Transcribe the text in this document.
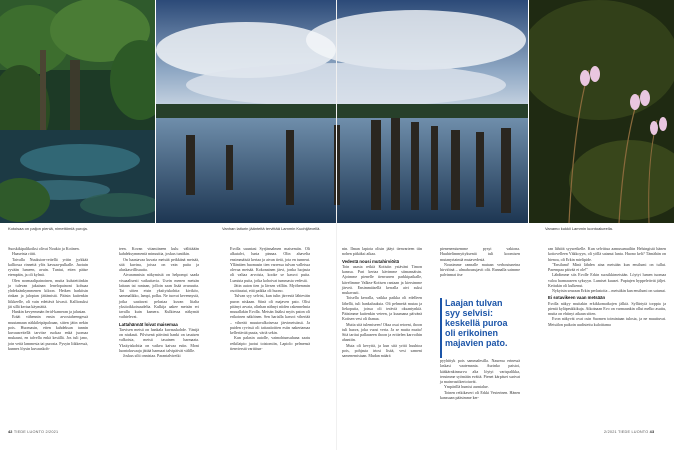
Kotoisaa on paljon pieniä, nimettömiä puroja.	Vanhan laiturin jäänteitä tervittää Lammin Kuohijärvellä.	Vanamo kukkii Lammin luontoalueella.

Suoskikipalikoiksi olivat Noukio ja Kotinen.

Haaseista riitti.

Taivalla Nuuksion-reitellä yritin jyrkkää kalliossa rinnettä ylös kavuaa-pulkalle. Juotuin ryvään lumeen, avuin. Tuntui, etten pääse etempäin, ja oli kylmä.

Olen normaalipainoinen, mutta kulutettiinkin ja tulevan jakainan lenelopainoni kohuaa yhdeksänkymmenen kiloon. Hetken harkitsin rinkan ja jalopian jättämistä. Pääsin kuitenkin liikkeelle, oli vain edettävä kivasti. Kalliosuksi jäi sillä kertaa käymättä.

Hankin kevyemmän ferid-kameran ja jalustan.

Eräät vähennin ensin arvostaheengessä muutamaan näkkileipäpaloaan, sitten jätin nekin pois. Huomasin, etten kahdeksan tunnin kuvausreitellä tarvitse ruokaa enkä juomaa mukaani, en talvella enkä kesällä. Jos tuli jano, join vettä lammesta tai purosta. Pysyin liikkeessä, kunnes löysin kuvauskoh-

teen. Kovan vitamiineen kulu välittäään kahdeksymmentä minuuttia, joskus tuntikin.

On haastavaa kuvata metsää peikkänä metsää, sitä kuvina, joissa on vain puita ja aluskasvillisuutta.

Aivaramnista näkymistä on helpompi saada visuaalisesti vaikuttavia. Usein menen metsän laitaan tai rantaan, jolloin saan lisää avaruutta. Tai sitten etsin yksityiskohtia: kiviköo, sammalikko, lampi, polku. Ne tuovat kevennystä, jotka saattavat pelastaa kuvan liialta yksitoikkoisuudelta. Kulkija aakee metsän eri tavalla kuin kamera. Kulkiessa näkymät vaihtelevat.

Lattahännät loivat maisemaa

Tarvisen metsä on hankala kuvauskohde. Vänijä on niukasti. Pilvisenä päivänä hanki on tasaisen valkoista, metsä tasainen harmaata. Yksityiskohtia on vaikea kaivaa esiin. Moni luontokuvaaja jättää harmaat talvipäivät välille.

Joskus silti onnistaa. Parantalviretki

Evolla suuntasi Syrjänsalmen maisemiin. Oli alkutalvi, lunta pinnaa. Olin ahavelta ensimmäistä kertaa ja aivan tietä, jota en tunneut. Ylläntäen huomasin tien varressa tulvan valleissa olevaa metsää. Kokonainen järvi, jonka luojasta oli valtaa arvoisia, kooke se kasvoi puita. Lumista puita, jotka kohoivat tummasta vedestä.

Jätin auton tien ja lävsen välliin. Myöhemmin osoittautui, että paikka oli huono.

Tulvan syy selvisi, kun tulin järvestä lähteväin puron niskaan. Siinä oli majaven pato. Olisi pitänyt arvata, olinhan nähnyt niiden rakennelmia muuallakin Evolla. Metsän lisäksi myös paton oli erikoinen näköinen. Sen harialla kasvoi viheriää – vihreää muutavalkoisessa järvimetsässä. Ja puiden ryvissä oli tattaatioitten esiin nakertamaa kellertävää puuta, väriä sekin.

Kun palasin autolle, vaimohtunsuhana saatu retkilaipio juotui toistomiin, Lapiolo pelmensä tienvierstä varttitun-

nin. Ilman lapiota olisin jääyt tienvarteen tiin nohen pitkäksi aikaa.

Vedestä nousi mutahirviöitä

Toin usasta retkiä Kotisiin ystäväni Timon kanssa. Pari kertaa kävimme siimansäistn. Ajoimme pienelle tienvarren parkkipaikalle, kävelimme Valkea-Kotisen rantaan ja kiersimme järveä. Ensimmäisellä kerralla aivi suksi mukavasti.

Toisella kerralla, vaikka paikka oli edelleen lähellä, tuli hankaluuksia. Oli pehmeää mutaa ja liekoputia, joissa oli teräviä oksantynkiä. Pääsimme kuitenkin veteen, ja kuumana päivänä Kotisen vesi oli ihanaa.

Mutta sitä tulemiseen! Oksa osui retoeni, ihoon tuli haava, joka vuosi verta. Ja se mutta mutta! Sitä tarttui pallaaseen ihoon ja erittelen karvoihin ahantiin.

Muta oli kevyttä, ja kun sitä yritti huuhtoa pois, pohjasta irtosi lisää, vesi sameni samenemistaan. Mudan määrä

pienenemisemme pysyi vakiona. Huuhtelimmyttykseniä tuli koomisen mutanyrtaimiä mutavedestä.

Nousimme rannalle mutaan verhoutuneina hirviöinä – ulmahousujavit olit. Rannalla saimme palvinmat itse

Laajan tulvan syy selvisi: keskellä puroa oli erikoinen majavien pato.

pyyhittyk pois sammalesilla. Naurmu erinessä laskasi vaatemania. Aurinko paistoi, kääkärnkinsurvu alta löytyi varispalikka, teruimme syömään eväitä. Pienet kärpäset surivat ja mainvastikertoiuvät.

Ympärillä humisi aarnialue.

Toinen retkikaveri oli Erkki Vesterinen. Hänen kanssaan pääsimme ker-

ran lähtöä syysretkelle. Kun selvittua aamusumuiltin Helsingistä hänen kotiovelleen Väkkoyyn, oli yöllä satanut lunta. Huono keli? Tämähän on hienoa, oli Erkin mielipide.

"Ensilumi! Minä lähden aina metsään kun ensilumi on tullut. Parempaa päivää ei ole!"

Lähdimme siis Evolle Erkin suosikkimetsään. Löytyi lumen tuomaa valoa harmaaseen syksyyn. Lumiset kuuset. Puptujen hyppeleitvät jäljet. Kettukin oli kulkenut.

Nykyisin seuraan Erkin perlastoita – metsäkin kan ensilumi on satanut.

Ei sotavikeen vaan metsään

Evolla näkyy muitakin erkikkomatkojen jälkiä. Syllärtyiä torppia ja pieniä kyläpeukkikuja. Aikoinaan Evo on varmaankin ollut melko asuttu, mutta on ehtinyt aikaan sitten.

Evon näkyvät ovat osin Suomen toimintaan tulosta, ja ne muuttuvat. Metsälon paikoin uudistettu kuloittama

42 TIEDE LUONTO 2/2021	2/2021 TIEDE LUONTO 43
